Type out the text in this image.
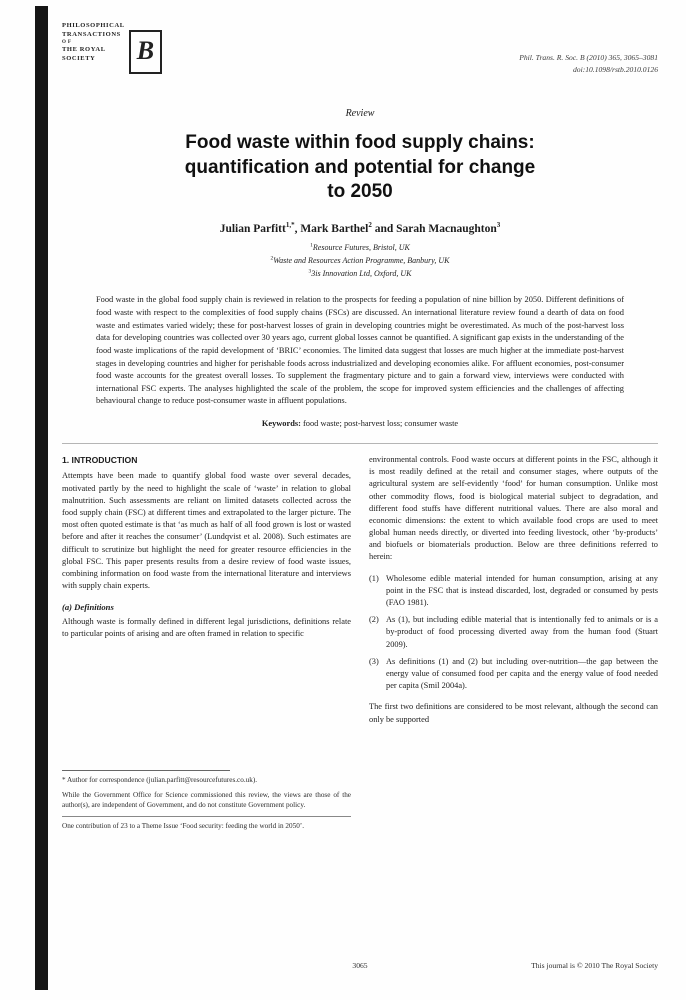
PHILOSOPHICAL
TRANSACTIONS
OF
THE ROYAL
SOCIETY	B	Phil. Trans. R. Soc. B (2010) 365, 3065–3081
doi:10.1098/rstb.2010.0126
Review
Food waste within food supply chains:
quantification and potential for change
to 2050
Julian Parfitt$^{1,*}$, Mark Barthel$^2$ and Sarah Macnaughton$^3$
$^1$Resource Futures, Bristol, UK
$^2$Waste and Resources Action Programme, Banbury, UK
$^3$3is Innovation Ltd, Oxford, UK
Food waste in the global food supply chain is reviewed in relation to the prospects for feeding a population of nine billion by 2050. Different definitions of food waste with respect to the complexities of food supply chains (FSCs) are discussed. An international literature review found a dearth of data on food waste and estimates varied widely; these for post-harvest losses of grain in developing countries might be overestimated. As much of the post-harvest loss data for developing countries was collected over 30 years ago, current global losses cannot be quantified. A significant gap exists in the understanding of the food waste implications of the rapid development of ‘BRIC’ economies. The limited data suggest that losses are much higher at the immediate post-harvest stages in developing countries and higher for perishable foods across industrialized and developing economies alike. For affluent economies, post-consumer food waste accounts for the greatest overall losses. To supplement the fragmentary picture and to gain a forward view, interviews were conducted with international FSC experts. The analyses highlighted the scale of the problem, the scope for improved system efficiencies and the challenges of affecting behavioural change to reduce post-consumer waste in affluent populations.
Keywords: food waste; post-harvest loss; consumer waste
1. INTRODUCTION

Attempts have been made to quantify global food waste over several decades, motivated partly by the need to highlight the scale of ‘waste’ in relation to global malnutrition. Such assessments are reliant on limited datasets collected across the food supply chain (FSC) at different times and extrapolated to the larger picture. The most often quoted estimate is that ‘as much as half of all food grown is lost or wasted before and after it reaches the consumer’ (Lundqvist et al. 2008). Such estimates are difficult to scrutinize but highlight the need for greater resource efficiencies in the global FSC. This paper presents results from a desire review of food waste issues, combining information on food waste from the international literature and interviews with supply chain experts.

(a) Definitions

Although waste is formally defined in different legal jurisdictions, definitions relate to particular points of arising and are often framed in relation to specific

* Author for correspondence (julian.parfitt@resourcefutures.co.uk).

While the Government Office for Science commissioned this review, the views are those of the author(s), are independent of Government, and do not constitute Government policy.

One contribution of 23 to a Theme Issue ‘Food security: feeding the world in 2050’.

environmental controls. Food waste occurs at different points in the FSC, although it is most readily defined at the retail and consumer stages, where outputs of the agricultural system are self-evidently ‘food’ for human consumption. Unlike most other commodity flows, food is biological material subject to degradation, and different food stuffs have different nutritional values. There are also moral and economic dimensions: the extent to which available food crops are used to meet global human needs directly, or diverted into feeding livestock, other ‘by-products’ and biofuels or biomaterials production. Below are three definitions referred to herein:

(1) Wholesome edible material intended for human consumption, arising at any point in the FSC that is instead discarded, lost, degraded or consumed by pests (FAO 1981).
(2) As (1), but including edible material that is intentionally fed to animals or is a by-product of food processing diverted away from the human food (Stuart 2009).
(3) As definitions (1) and (2) but including over-nutrition—the gap between the energy value of consumed food per capita and the energy value of food needed per capita (Smil 2004a).

The first two definitions are considered to be most relevant, although the second can only be supported

3065	This journal is © 2010 The Royal Society
